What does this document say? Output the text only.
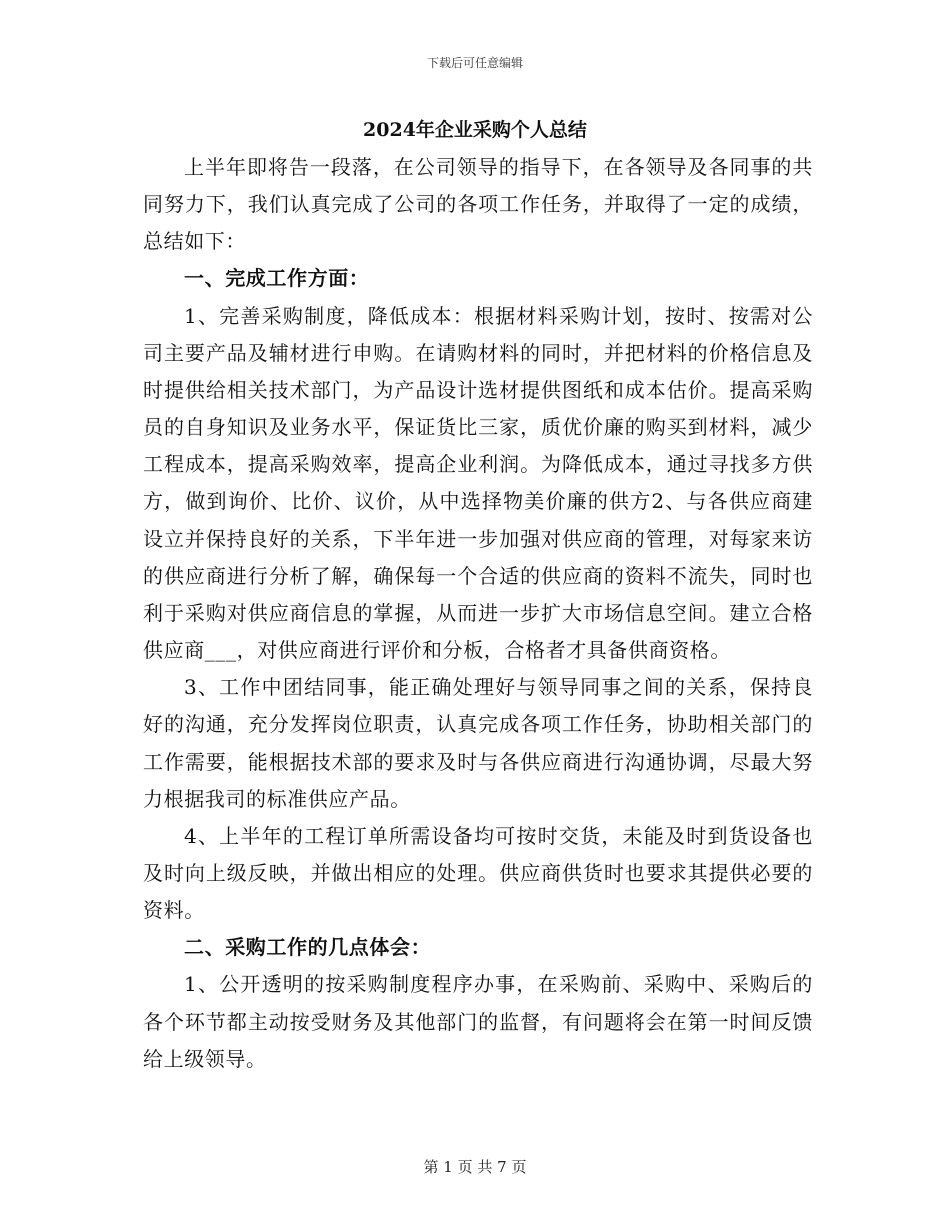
下载后可任意编辑
2024年企业采购个人总结

上半年即将告一段落，在公司领导的指导下，在各领导及各同事的共同努力下，我们认真完成了公司的各项工作任务，并取得了一定的成绩，总结如下：

一、完成工作方面：

1、完善采购制度，降低成本：根据材料采购计划，按时、按需对公司主要产品及辅材进行申购。在请购材料的同时，并把材料的价格信息及时提供给相关技术部门，为产品设计选材提供图纸和成本估价。提高采购员的自身知识及业务水平，保证货比三家，质优价廉的购买到材料，减少工程成本，提高采购效率，提高企业利润。为降低成本，通过寻找多方供方，做到询价、比价、议价，从中选择物美价廉的供方2、与各供应商建设立并保持良好的关系，下半年进一步加强对供应商的管理，对每家来访的供应商进行分析了解，确保每一个合适的供应商的资料不流失，同时也利于采购对供应商信息的掌握，从而进一步扩大市场信息空间。建立合格供应商___，对供应商进行评价和分板，合格者才具备供商资格。

3、工作中团结同事，能正确处理好与领导同事之间的关系，保持良好的沟通，充分发挥岗位职责，认真完成各项工作任务，协助相关部门的工作需要，能根据技术部的要求及时与各供应商进行沟通协调，尽最大努力根据我司的标准供应产品。

4、上半年的工程订单所需设备均可按时交货，未能及时到货设备也及时向上级反映，并做出相应的处理。供应商供货时也要求其提供必要的资料。

二、采购工作的几点体会：

1、公开透明的按采购制度程序办事，在采购前、采购中、采购后的各个环节都主动按受财务及其他部门的监督，有问题将会在第一时间反馈给上级领导。

第 1 页 共 7 页
